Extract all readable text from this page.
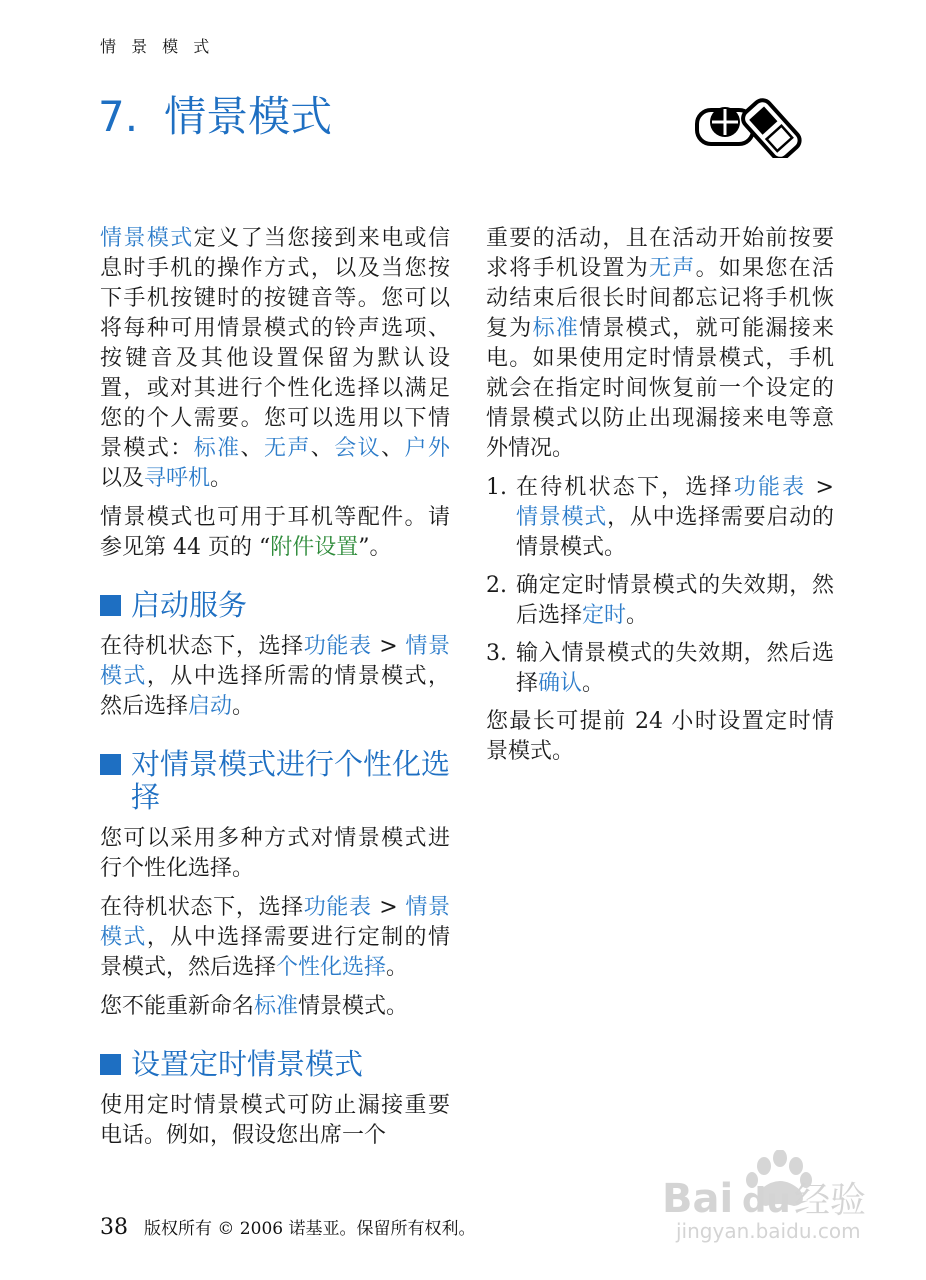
情 景 模 式
7. 情景模式

情景模式定义了当您接到来电或信息时手机的操作方式，以及当您按下手机按键时的按键音等。您可以将每种可用情景模式的铃声选项、按键音及其他设置保留为默认设置，或对其进行个性化选择以满足您的个人需要。您可以选用以下情景模式：标准、无声、会议、户外以及寻呼机。

情景模式也可用于耳机等配件。请参见第 44 页的 “附件设置”。

启动服务

在待机状态下，选择功能表 > 情景模式，从中选择所需的情景模式，然后选择启动。

对情景模式进行个性化选择

您可以采用多种方式对情景模式进行个性化选择。

在待机状态下，选择功能表 > 情景模式，从中选择需要进行定制的情景模式，然后选择个性化选择。

您不能重新命名标准情景模式。

设置定时情景模式

使用定时情景模式可防止漏接重要电话。例如，假设您出席一个

重要的活动，且在活动开始前按要求将手机设置为无声。如果您在活动结束后很长时间都忘记将手机恢复为标准情景模式，就可能漏接来电。如果使用定时情景模式，手机就会在指定时间恢复前一个设定的情景模式以防止出现漏接来电等意外情况。

1. 在待机状态下，选择功能表 > 情景模式，从中选择需要启动的情景模式。
2. 确定定时情景模式的失效期，然后选择定时。
3. 输入情景模式的失效期，然后选择确认。

您最长可提前 24 小时设置定时情景模式。

38 版权所有 © 2006 诺基亚。保留所有权利。
Bai du 经验
jingyan.baidu.com
